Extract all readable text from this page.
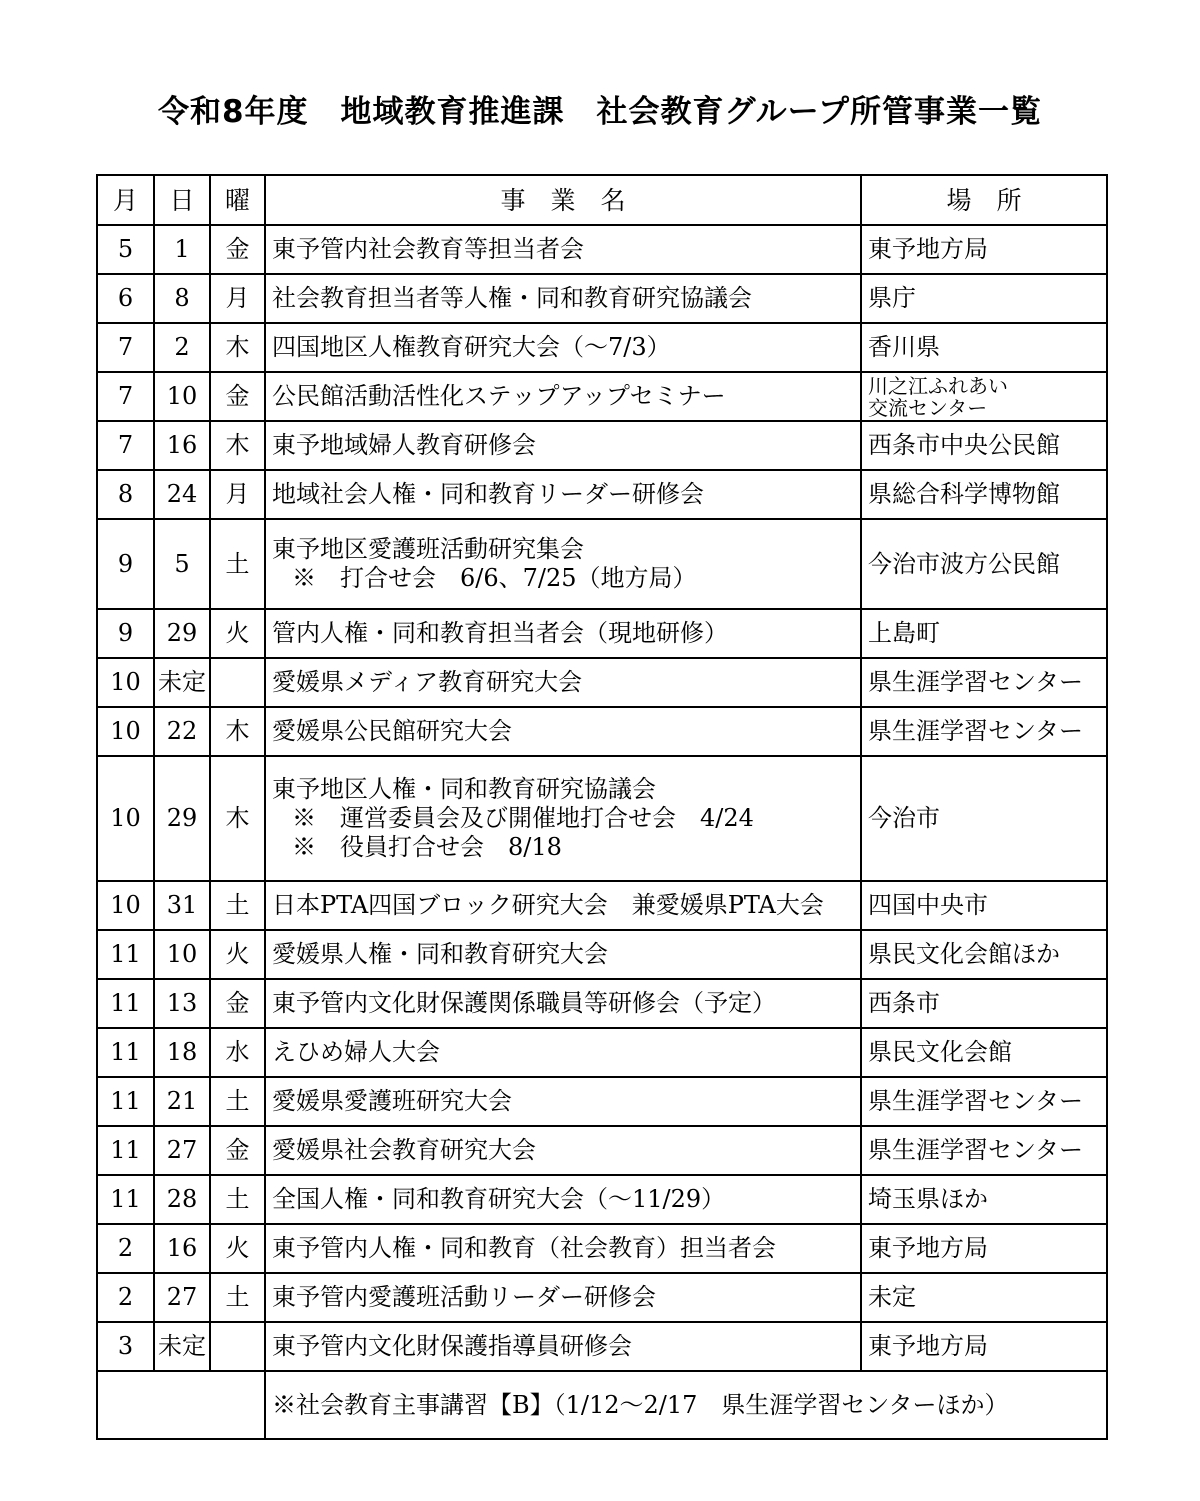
令和8年度　地域教育推進課　社会教育グループ所管事業一覧
月	日	曜	事　業　名	場　所
5	1	金	東予管内社会教育等担当者会	東予地方局

6	8	月	社会教育担当者等人権・同和教育研究協議会	県庁

7	2	木	四国地区人権教育研究大会（～7/3）	香川県

7	10	金	公民館活動活性化ステップアップセミナー	川之江ふれあい
交流センター

7	16	木	東予地域婦人教育研修会	西条市中央公民館

8	24	月	地域社会人権・同和教育リーダー研修会	県総合科学博物館

9	5	土	東予地区愛護班活動研究集会
※　打合せ会　6/6、7/25（地方局）	今治市波方公民館

9	29	火	管内人権・同和教育担当者会（現地研修）	上島町

10	未定		愛媛県メディア教育研究大会	県生涯学習センター

10	22	木	愛媛県公民館研究大会	県生涯学習センター

10	29	木	東予地区人権・同和教育研究協議会
※　運営委員会及び開催地打合せ会　4/24
※　役員打合せ会　8/18	今治市

10	31	土	日本PTA四国ブロック研究大会　兼愛媛県PTA大会	四国中央市

11	10	火	愛媛県人権・同和教育研究大会	県民文化会館ほか

11	13	金	東予管内文化財保護関係職員等研修会（予定）	西条市

11	18	水	えひめ婦人大会	県民文化会館

11	21	土	愛媛県愛護班研究大会	県生涯学習センター

11	27	金	愛媛県社会教育研究大会	県生涯学習センター

11	28	土	全国人権・同和教育研究大会（～11/29）	埼玉県ほか

2	16	火	東予管内人権・同和教育（社会教育）担当者会	東予地方局

2	27	土	東予管内愛護班活動リーダー研修会	未定

3	未定		東予管内文化財保護指導員研修会	東予地方局

			※社会教育主事講習【B】（1/12～2/17　県生涯学習センターほか）	
